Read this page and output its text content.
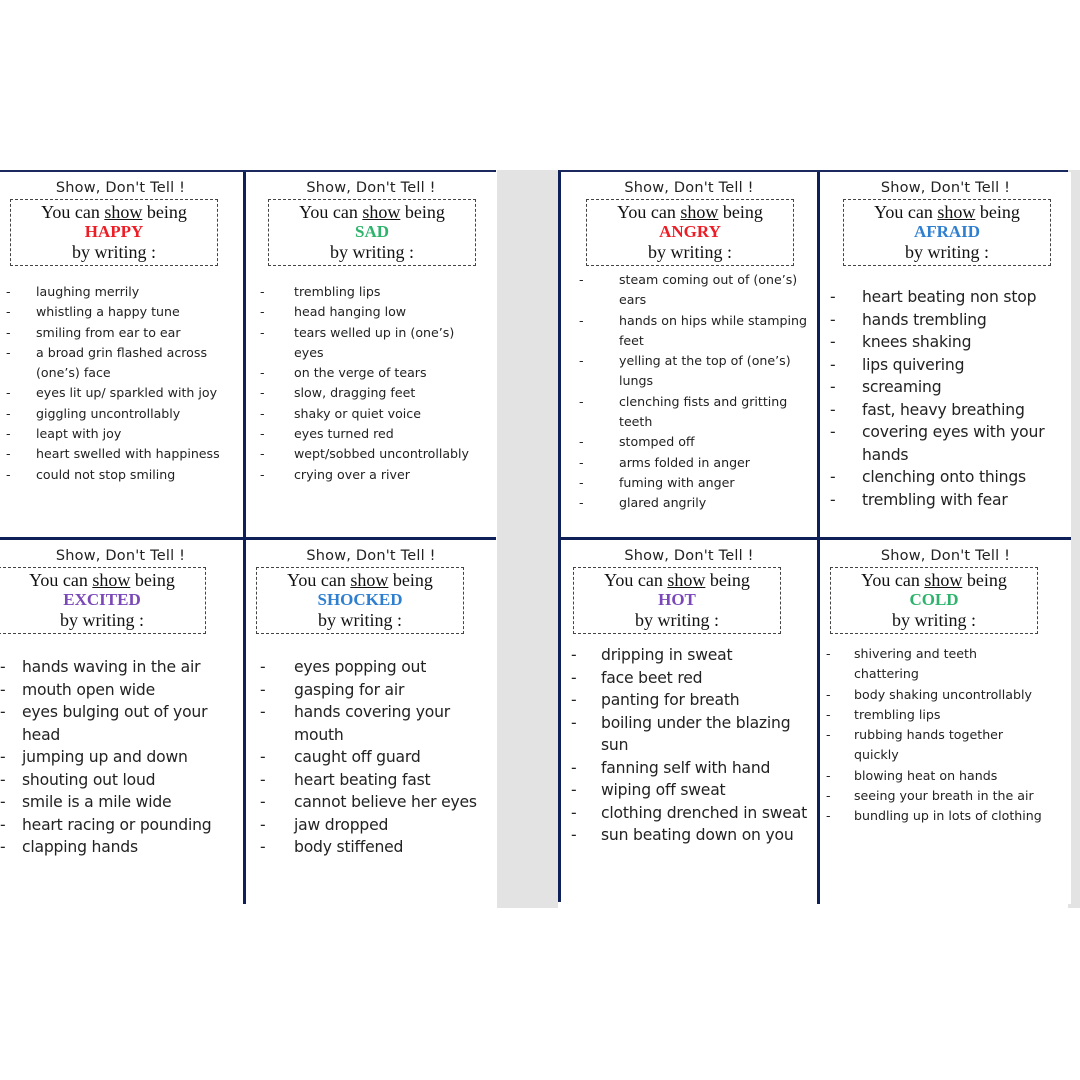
Show, Don't Tell !
You can show being
HAPPY
by writing :
- laughing merrily
- whistling a happy tune
- smiling from ear to ear
- a broad grin flashed across
(one’s) face
- eyes lit up/ sparkled with joy
- giggling uncontrollably
- leapt with joy
- heart swelled with happiness
- could not stop smiling
Show, Don't Tell !
You can show being
SAD
by writing :
- trembling lips
- head hanging low
- tears welled up in (one’s)
eyes
- on the verge of tears
- slow, dragging feet
- shaky or quiet voice
- eyes turned red
- wept/sobbed uncontrollably
- crying over a river
Show, Don't Tell !
You can show being
EXCITED
by writing :
- hands waving in the air
- mouth open wide
- eyes bulging out of your
head
- jumping up and down
- shouting out loud
- smile is a mile wide
- heart racing or pounding
- clapping hands
Show, Don't Tell !
You can show being
SHOCKED
by writing :
- eyes popping out
- gasping for air
- hands covering your
mouth
- caught off guard
- heart beating fast
- cannot believe her eyes
- jaw dropped
- body stiffened
Show, Don't Tell !
You can show being
ANGRY
by writing :
-	steam coming out of (one’s)
ears
-	hands on hips while stamping
feet
-	yelling at the top of (one’s)
lungs
-	clenching fists and gritting
teeth
-	stomped off
-	arms folded in anger
-	fuming with anger
-	glared angrily
Show, Don't Tell !
You can show being
AFRAID
by writing :
- heart beating non stop
- hands trembling
- knees shaking
- lips quivering
- screaming
- fast, heavy breathing
- covering eyes with your
hands
- clenching onto things
- trembling with fear
Show, Don't Tell !
You can show being
HOT
by writing :
- dripping in sweat
- face beet red
- panting for breath
- boiling under the blazing
sun
- fanning self with hand
- wiping off sweat
- clothing drenched in sweat
- sun beating down on you
Show, Don't Tell !
You can show being
COLD
by writing :
- shivering and teeth
chattering
- body shaking uncontrollably
- trembling lips
- rubbing hands together
quickly
- blowing heat on hands
- seeing your breath in the air
- bundling up in lots of clothing
